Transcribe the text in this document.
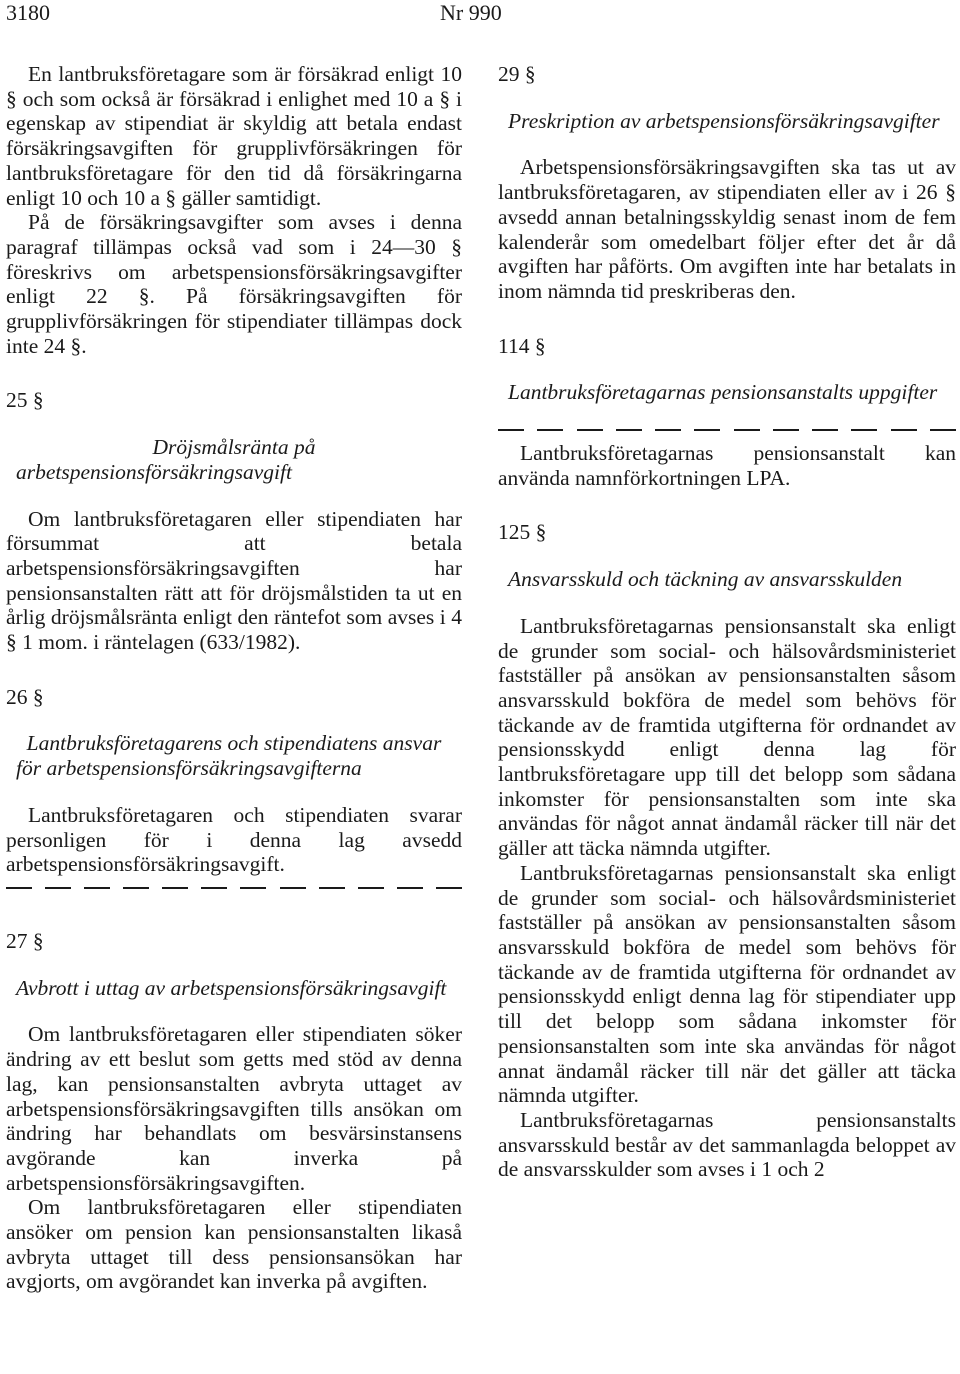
3180	Nr 990

En lantbruksföretagare som är försäkrad enligt 10 § och som också är försäkrad i enlighet med 10 a § i egenskap av stipendiat är skyldig att betala endast försäkringsavgiften för grupplivförsäkringen för lantbruksföretagare för den tid då försäkringarna enligt 10 och 10 a § gäller samtidigt.

På de försäkringsavgifter som avses i denna paragraf tillämpas också vad som i 24—30 § föreskrivs om arbetspensionsförsäkringsavgifter enligt 22 §. På försäkringsavgiften för grupplivförsäkringen för stipendiater tillämpas dock inte 24 §.

25 §

Dröjsmålsränta på arbetspensionsförsäkringsavgift

Om lantbruksföretagaren eller stipendiaten har försummat att betala arbetspensionsförsäkringsavgiften har pensionsanstalten rätt att för dröjsmålstiden ta ut en årlig dröjsmålsränta enligt den räntefot som avses i 4 § 1 mom. i räntelagen (633/1982).

26 §

Lantbruksföretagarens och stipendiatens ansvar för arbetspensionsförsäkringsavgifterna

Lantbruksföretagaren och stipendiaten svarar personligen för i denna lag avsedd arbetspensionsförsäkringsavgift.

27 §

Avbrott i uttag av arbetspensionsförsäkringsavgift

Om lantbruksföretagaren eller stipendiaten söker ändring av ett beslut som getts med stöd av denna lag, kan pensionsanstalten avbryta uttaget av arbetspensionsförsäkringsavgiften tills ansökan om ändring har behandlats om besvärsinstansens avgörande kan inverka på arbetspensionsförsäkringsavgiften.

Om lantbruksföretagaren eller stipendiaten ansöker om pension kan pensionsanstalten likaså avbryta uttaget till dess pensionsansökan har avgjorts, om avgörandet kan inverka på avgiften.

29 §

Preskription av arbetspensionsförsäkringsavgifter

Arbetspensionsförsäkringsavgiften ska tas ut av lantbruksföretagaren, av stipendiaten eller av i 26 § avsedd annan betalningsskyldig senast inom de fem kalenderår som omedelbart följer efter det år då avgiften har påförts. Om avgiften inte har betalats in inom nämnda tid preskriberas den.

114 §

Lantbruksföretagarnas pensionsanstalts uppgifter

Lantbruksföretagarnas pensionsanstalt kan använda namnförkortningen LPA.

125 §

Ansvarsskuld och täckning av ansvarsskulden

Lantbruksföretagarnas pensionsanstalt ska enligt de grunder som social- och hälsovårdsministeriet fastställer på ansökan av pensionsanstalten såsom ansvarsskuld bokföra de medel som behövs för täckande av de framtida utgifterna för ordnandet av pensionsskydd enligt denna lag för lantbruksföretagare upp till det belopp som sådana inkomster för pensionsanstalten som inte ska användas för något annat ändamål räcker till när det gäller att täcka nämnda utgifter.

Lantbruksföretagarnas pensionsanstalt ska enligt de grunder som social- och hälsovårdsministeriet fastställer på ansökan av pensionsanstalten såsom ansvarsskuld bokföra de medel som behövs för täckande av de framtida utgifterna för ordnandet av pensionsskydd enligt denna lag för stipendiater upp till det belopp som sådana inkomster för pensionsanstalten som inte ska användas för något annat ändamål räcker till när det gäller att täcka nämnda utgifter.

Lantbruksföretagarnas pensionsanstalts ansvarsskuld består av det sammanlagda beloppet av de ansvarsskulder som avses i 1 och 2
